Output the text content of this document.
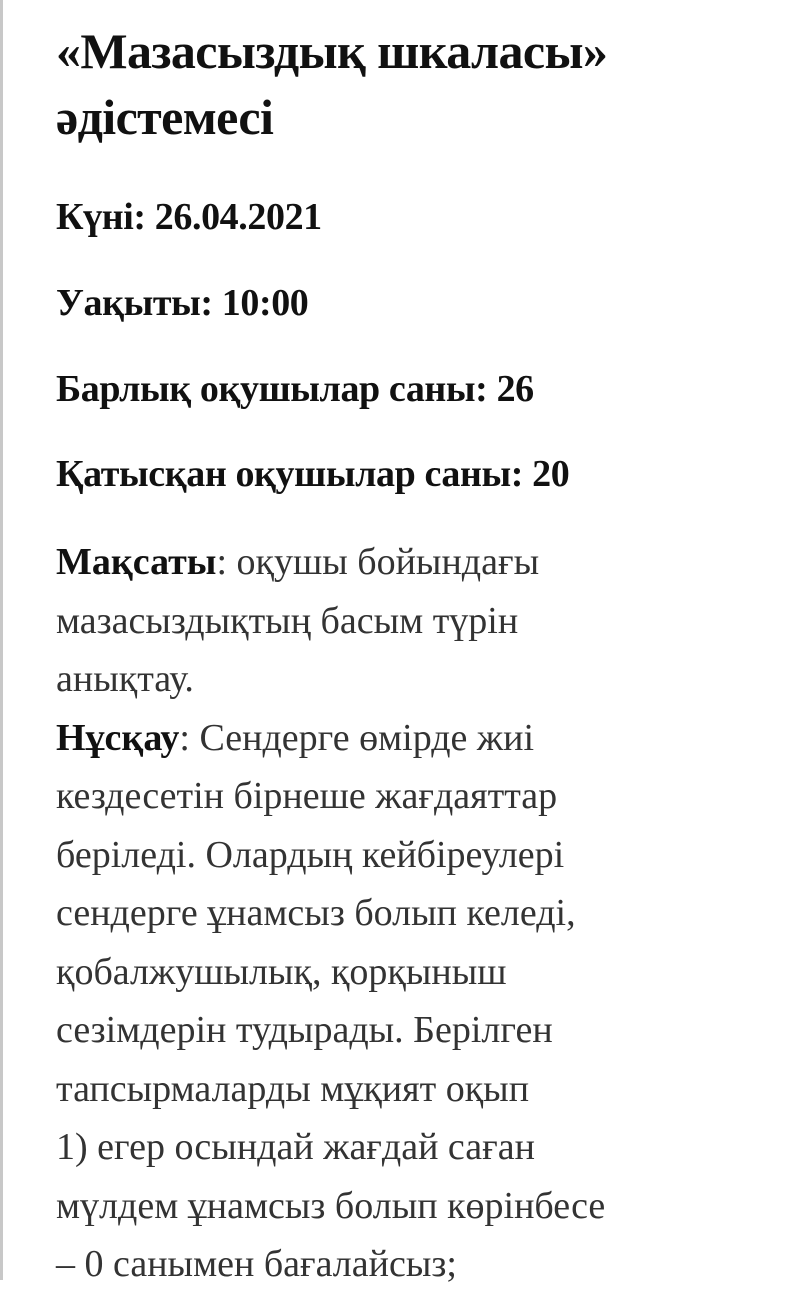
«Мазасыздық шкаласы»
әдістемесі

Күні: 26.04.2021

Уақыты: 10:00

Барлық оқушылар саны: 26

Қатысқан оқушылар саны: 20

Мақсаты: оқушы бойындағы
мазасыздықтың басым түрін
анықтау.
Нұсқау: Сендерге өмірде жиі
кездесетін бірнеше жағдаяттар
беріледі. Олардың кейбіреулері
сендерге ұнамсыз болып келеді,
қобалжушылық, қорқыныш
сезімдерін тудырады. Берілген
тапсырмаларды мұқият оқып
1) егер осындай жағдай саған
мүлдем ұнамсыз болып көрінбесе
– 0 санымен бағалайсыз;
